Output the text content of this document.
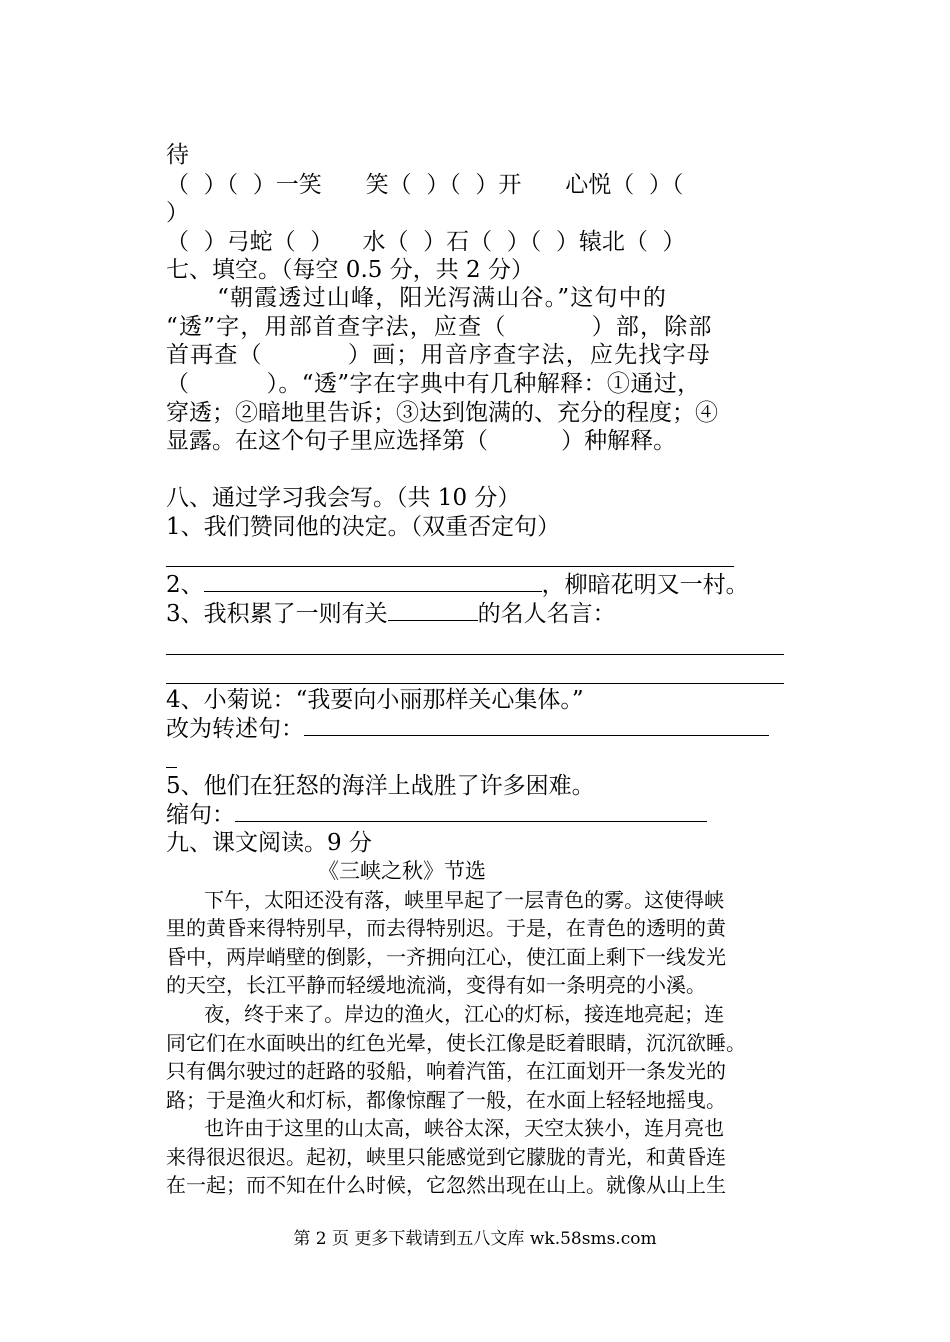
待
（  ）（  ）一笑      笑（  ）（  ）开      心悦（  ）（
）
（  ）弓蛇（  ）    水（  ）石（  ）（  ）辕北（  ）
七、填空。（每空 0.5 分，共 2 分）
“朝霞透过山峰，阳光泻满山谷。”这句中的
“透”字，用部首查字法，应查（          ）部，除部
首再查（          ）画；用音序查字法，应先找字母
（          ）。“透”字在字典中有几种解释：①通过，
穿透；②暗地里告诉；③达到饱满的、充分的程度；④
显露。在这个句子里应选择第（          ）种解释。
八、通过学习我会写。（共 10 分）
1、我们赞同他的决定。（双重否定句）
2、	，柳暗花明又一村。
3、我积累了一则有关	的名人名言：
4、小菊说：“我要向小丽那样关心集体。”
改为转述句：
5、他们在狂怒的海洋上战胜了许多困难。
缩句：
九、课文阅读。9 分
《三峡之秋》节选
下午，太阳还没有落，峡里早起了一层青色的雾。这使得峡
里的黄昏来得特别早，而去得特别迟。于是，在青色的透明的黄
昏中，两岸峭壁的倒影，一齐拥向江心，使江面上剩下一线发光
的天空，长江平静而轻缓地流淌，变得有如一条明亮的小溪。
夜，终于来了。岸边的渔火，江心的灯标，接连地亮起；连
同它们在水面映出的红色光晕，使长江像是眨着眼睛，沉沉欲睡。
只有偶尔驶过的赶路的驳船，响着汽笛，在江面划开一条发光的
路；于是渔火和灯标，都像惊醒了一般，在水面上轻轻地摇曳。
也许由于这里的山太高，峡谷太深，天空太狭小，连月亮也
来得很迟很迟。起初，峡里只能感觉到它朦胧的青光，和黄昏连
在一起；而不知在什么时候，它忽然出现在山上。就像从山上生
第 2 页 更多下载请到五八文库 wk.58sms.com
